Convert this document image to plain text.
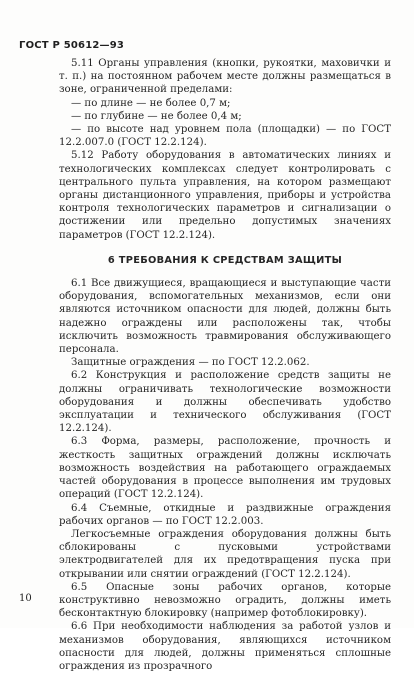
ГОСТ Р 50612—93

5.11 Органы управления (кнопки, рукоятки, маховички и т. п.) на постоянном рабочем месте должны размещаться в зоне, ограниченной пределами:

— по длине — не более 0,7 м;

— по глубине — не более 0,4 м;

— по высоте над уровнем пола (площадки) — по ГОСТ 12.2.007.0 (ГОСТ 12.2.124).

5.12 Работу оборудования в автоматических линиях и технологических комплексах следует контролировать с центрального пульта управления, на котором размещают органы дистанционного управления, приборы и устройства контроля технологических параметров и сигнализации о достижении или предельно допустимых значениях параметров (ГОСТ 12.2.124).

6 ТРЕБОВАНИЯ К СРЕДСТВАМ ЗАЩИТЫ

6.1 Все движущиеся, вращающиеся и выступающие части оборудования, вспомогательных механизмов, если они являются источником опасности для людей, должны быть надежно ограждены или расположены так, чтобы исключить возможность травмирования обслуживающего персонала.

Защитные ограждения — по ГОСТ 12.2.062.

6.2 Конструкция и расположение средств защиты не должны ограничивать технологические возможности оборудования и должны обеспечивать удобство эксплуатации и технического обслуживания (ГОСТ 12.2.124).

6.3 Форма, размеры, расположение, прочность и жесткость защитных ограждений должны исключать возможность воздействия на работающего ограждаемых частей оборудования в процессе выполнения им трудовых операций (ГОСТ 12.2.124).

6.4 Съемные, откидные и раздвижные ограждения рабочих органов — по ГОСТ 12.2.003.

Легкосъемные ограждения оборудования должны быть сблокированы с пусковыми устройствами электродвигателей для их предотвращения пуска при открывании или снятии ограждений (ГОСТ 12.2.124).

6.5 Опасные зоны рабочих органов, которые конструктивно невозможно оградить, должны иметь бесконтактную блокировку (например фотоблокировку).

6.6 При необходимости наблюдения за работой узлов и механизмов оборудования, являющихся источником опасности для людей, должны применяться сплошные ограждения из прозрачного

10
